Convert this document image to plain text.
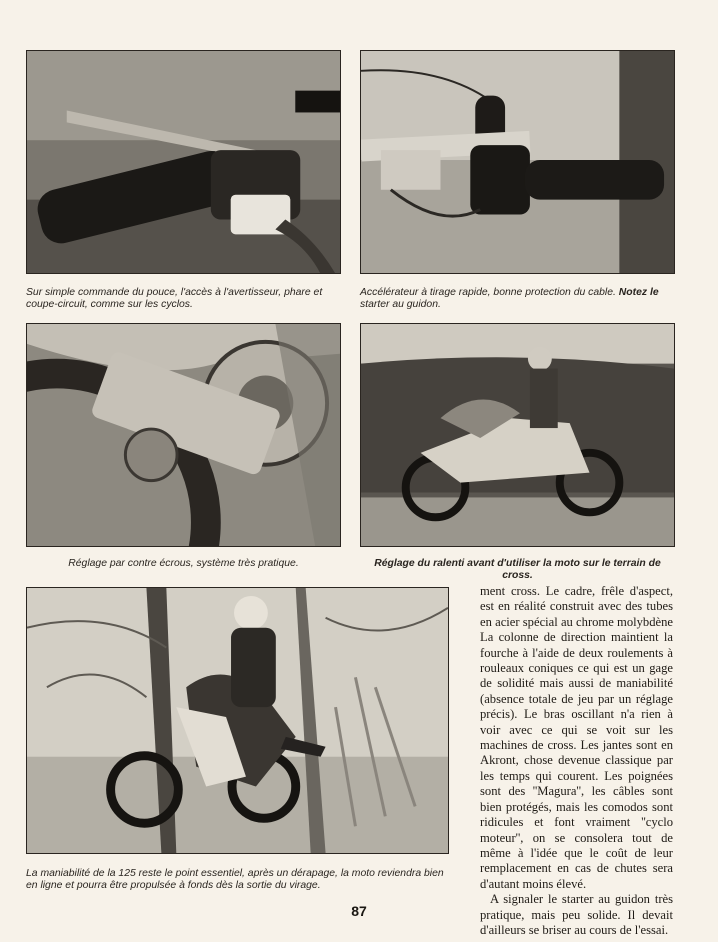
Sur simple commande du pouce, l'accès à l'avertisseur, phare et coupe-circuit, comme sur les cyclos.
Accélérateur à tirage rapide, bonne protection du cable. Notez le starter au guidon.
Réglage par contre écrous, système très pratique.	Réglage du ralenti avant d'utiliser la moto sur le terrain de cross.
La maniabilité de la 125 reste le point essentiel, après un dérapage, la moto reviendra bien en ligne et pourra être propulsée à fonds dès la sortie du virage.

ment cross. Le cadre, frêle d'aspect, est en réalité construit avec des tubes en acier spécial au chrome molybdène La colonne de direction maintient la fourche à l'aide de deux roulements à rouleaux coniques ce qui est un gage de solidité mais aussi de maniabilité (absence totale de jeu par un réglage précis). Le bras oscillant n'a rien à voir avec ce qui se voit sur les machines de cross. Les jantes sont en Akront, chose devenue classique par les temps qui courent. Les poignées sont des ''Magura'', les câbles sont bien protégés, mais les comodos sont ridicules et font vraiment ''cyclo moteur'', on se consolera tout de même à l'idée que le coût de leur remplacement en cas de chutes sera d'autant moins élevé.

A signaler le starter au guidon très pratique, mais peu solide. Il devait d'ailleurs se briser au cours de l'essai.

87
